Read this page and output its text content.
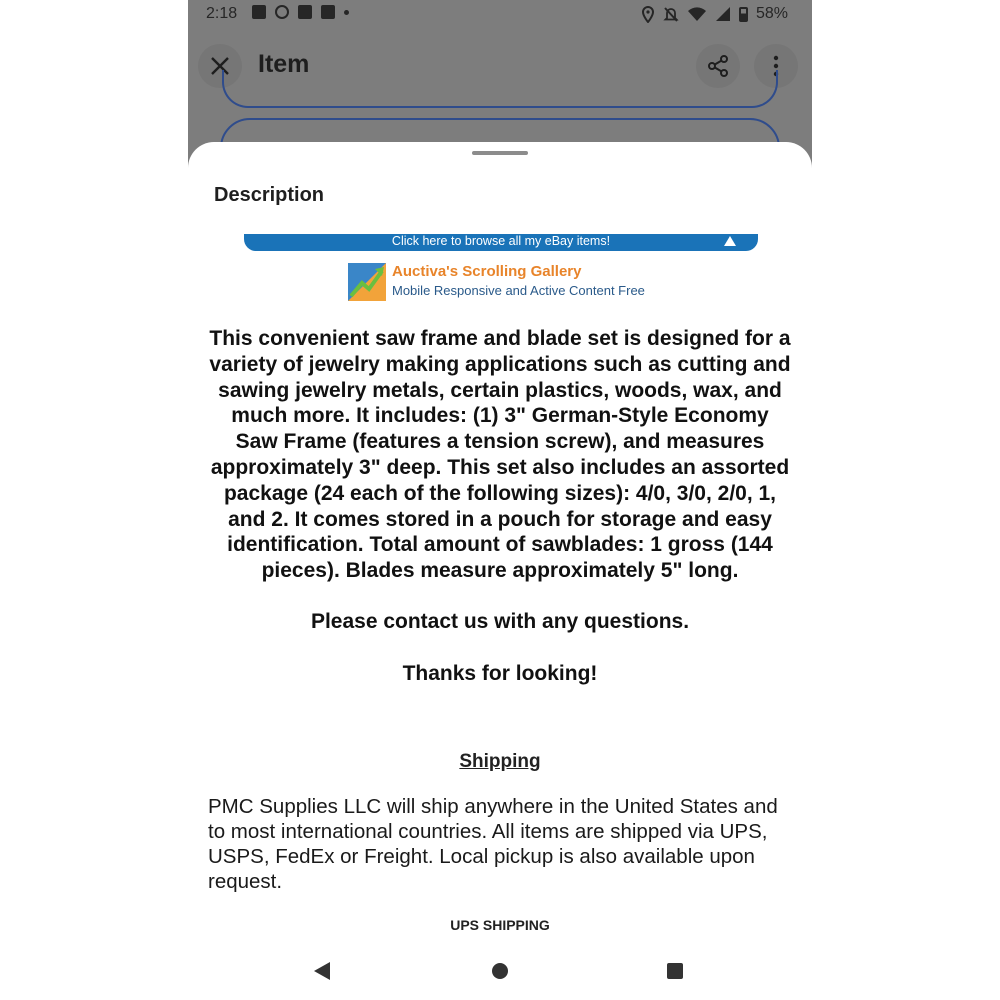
2:18	58%
Item
Description
Click here to browse all my eBay items!
Auctiva's Scrolling Gallery
Mobile Responsive and Active Content Free

This convenient saw frame and blade set is designed for a variety of jewelry making applications such as cutting and sawing jewelry metals, certain plastics, woods, wax, and much more. It includes: (1) 3" German-Style Economy Saw Frame (features a tension screw), and measures approximately 3" deep. This set also includes an assorted package (24 each of the following sizes): 4/0, 3/0, 2/0, 1, and 2. It comes stored in a pouch for storage and easy identification. Total amount of sawblades: 1 gross (144 pieces). Blades measure approximately 5" long.

Please contact us with any questions.
Thanks for looking!
Shipping
PMC Supplies LLC will ship anywhere in the United States and to most international countries. All items are shipped via UPS, USPS, FedEx or Freight. Local pickup is also available upon request.
UPS SHIPPING
